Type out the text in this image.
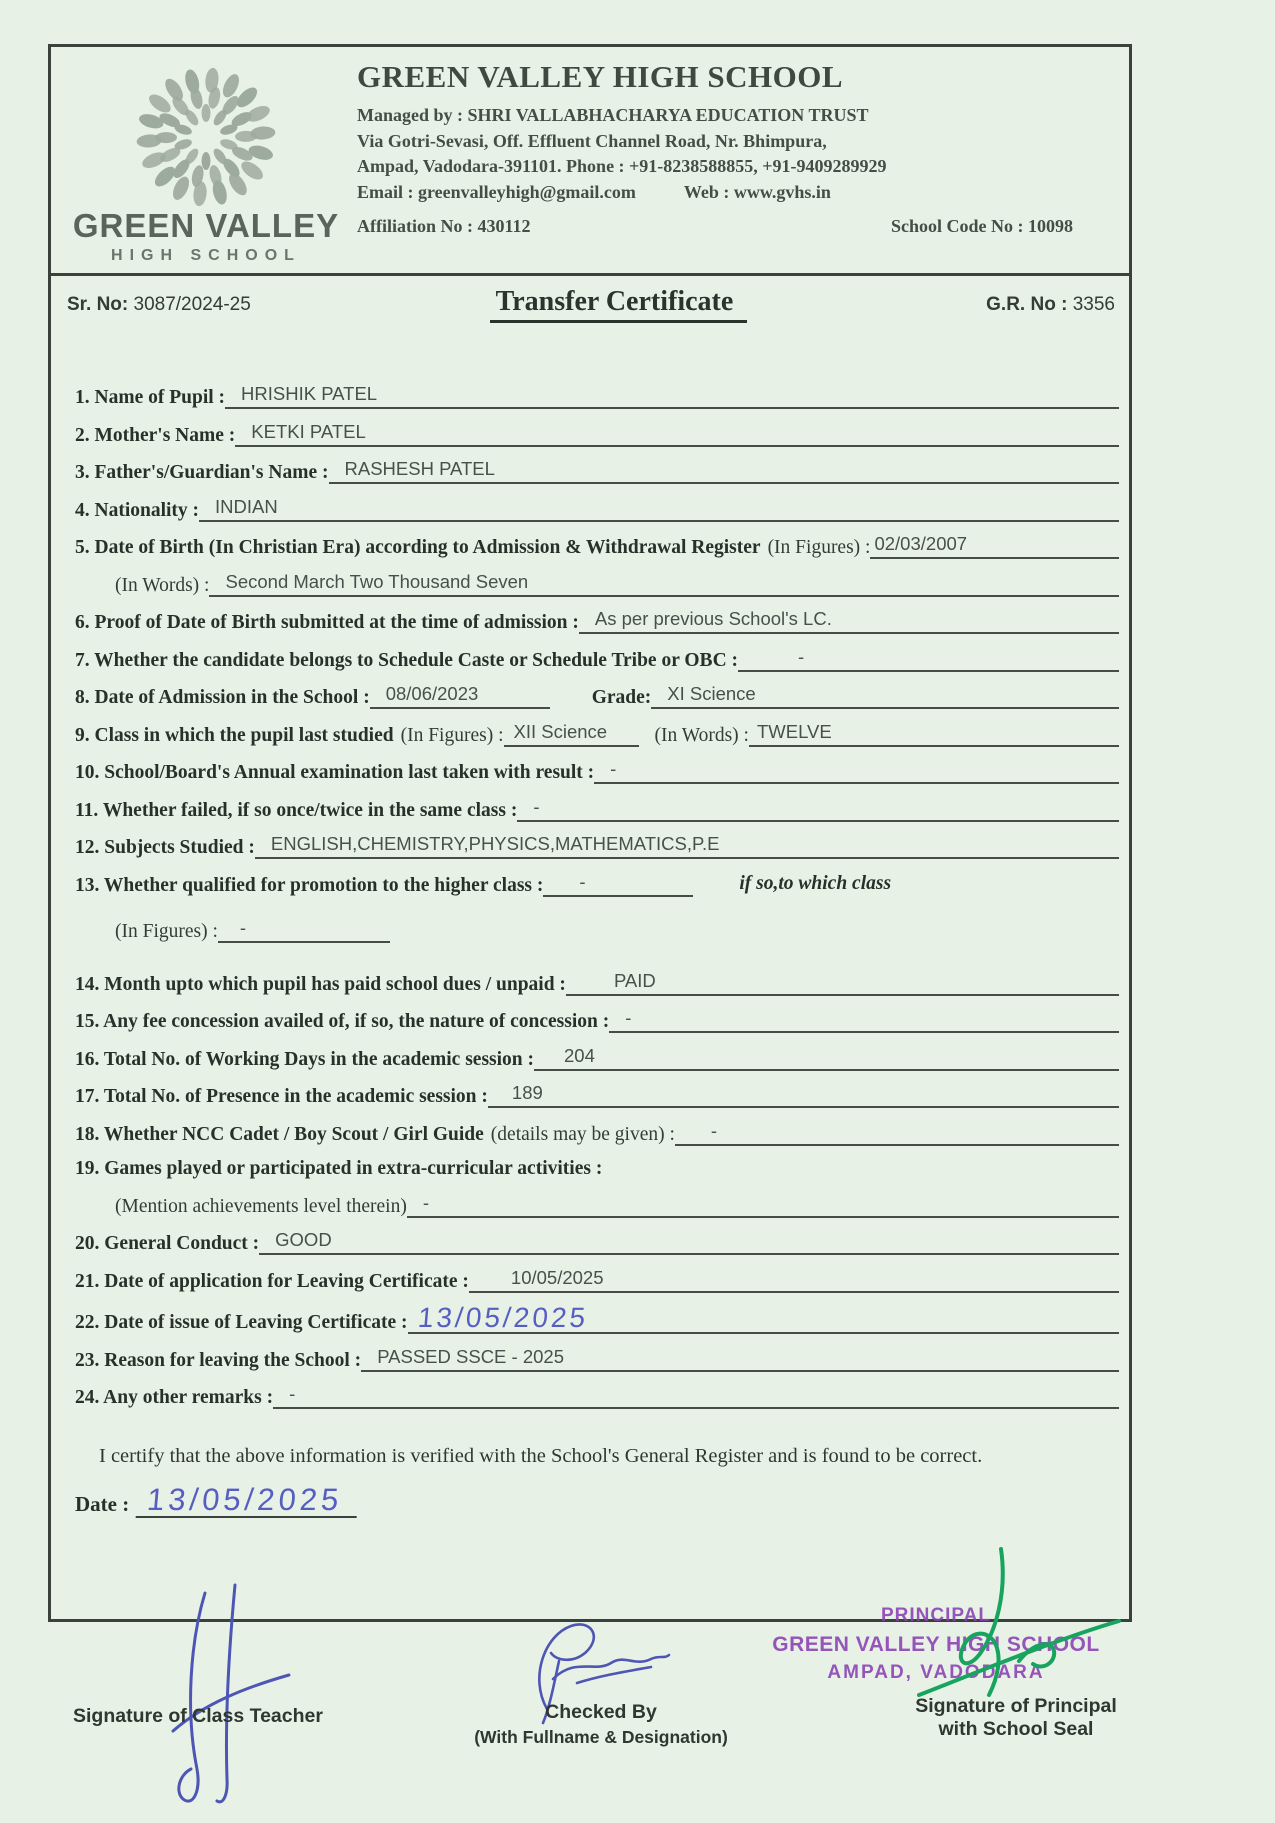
GREEN VALLEY
HIGH SCHOOL
GREEN VALLEY HIGH SCHOOL
Managed by : SHRI VALLABHACHARYA EDUCATION TRUST
Via Gotri-Sevasi, Off. Effluent Channel Road, Nr. Bhimpura,
Ampad, Vadodara-391101. Phone : +91-8238588855, +91-9409289929
Email : greenvalleyhigh@gmail.com	Web : www.gvhs.in
Affiliation No : 430112	School Code No : 10098
Sr. No: 3087/2024-25	Transfer Certificate	G.R. No : 3356
1. Name of Pupil : HRISHIK PATEL
2. Mother's Name : KETKI PATEL
3. Father's/Guardian's Name : RASHESH PATEL
4. Nationality : INDIAN
5. Date of Birth (In Christian Era) according to Admission & Withdrawal Register (In Figures) : 02/03/2007
(In Words) : Second March Two Thousand Seven
6. Proof of Date of Birth submitted at the time of admission : As per previous School's LC.
7. Whether the candidate belongs to Schedule Caste or Schedule Tribe or OBC :	-
8. Date of Admission in the School : 08/06/2023	Grade: XI Science
9. Class in which the pupil last studied (In Figures) : XII Science	(In Words) : TWELVE
10. School/Board's Annual examination last taken with result : -
11. Whether failed, if so once/twice in the same class : -
12. Subjects Studied : ENGLISH,CHEMISTRY,PHYSICS,MATHEMATICS,P.E
13. Whether qualified for promotion to the higher class :	-	if so,to which class
(In Figures) :	-
14. Month upto which pupil has paid school dues / unpaid :	PAID
15. Any fee concession availed of, if so, the nature of concession : -
16. Total No. of Working Days in the academic session :	204
17. Total No. of Presence in the academic session :	189
18. Whether NCC Cadet / Boy Scout / Girl Guide (details may be given) :	-
19. Games played or participated in extra-curricular activities :
(Mention achievements level therein) -
20. General Conduct : GOOD
21. Date of application for Leaving Certificate :	10/05/2025
22. Date of issue of Leaving Certificate : 13/05/2025
23. Reason for leaving the School : PASSED SSCE - 2025
24. Any other remarks : -
I certify that the above information is verified with the School's General Register and is found to be correct.
Date : 13/05/2025
Signature of Class Teacher	Checked By
(With Fullname & Designation)
PRINCIPAL
GREEN VALLEY HIGH SCHOOL
AMPAD, VADODARA
Signature of Principal
with School Seal
